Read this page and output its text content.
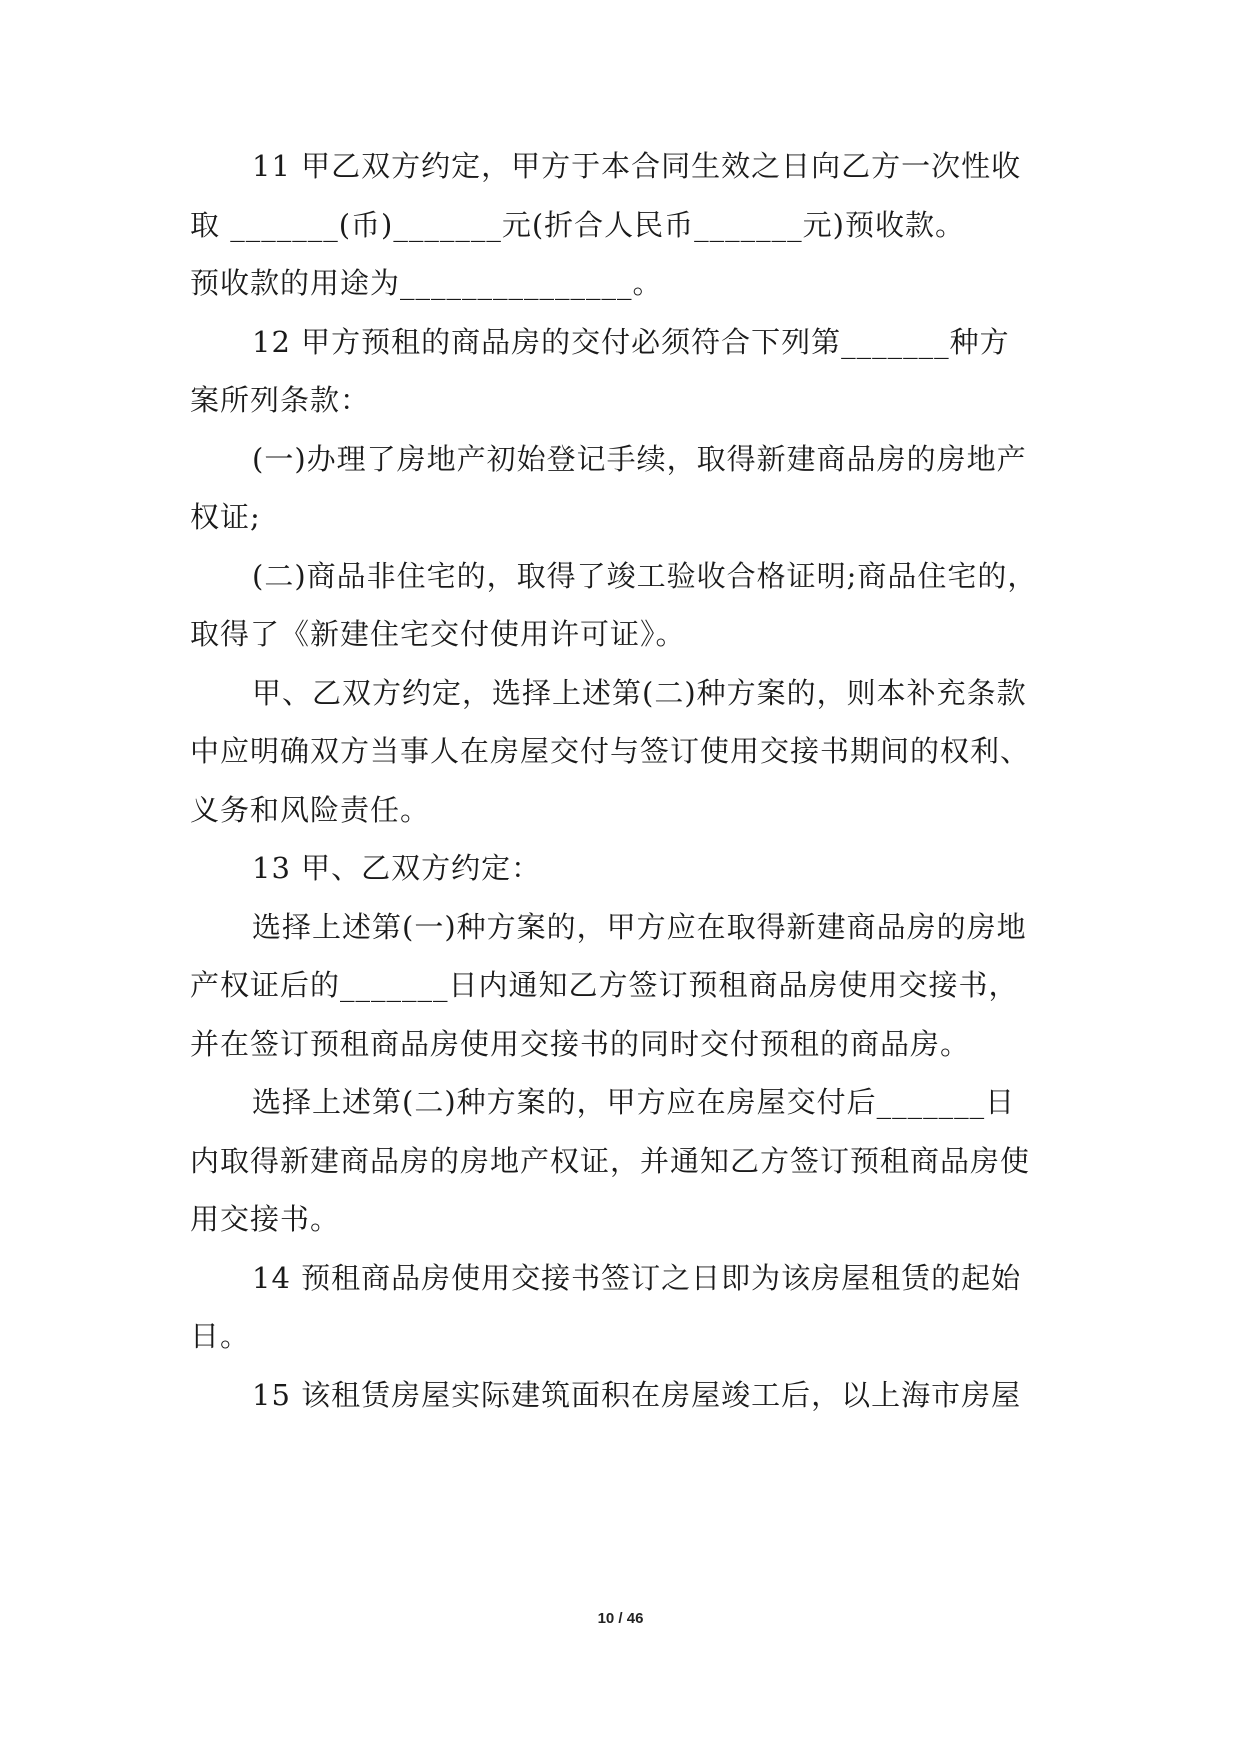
11 甲乙双方约定，甲方于本合同生效之日向乙方一次性收
取 _______(币)_______元(折合人民币_______元)预收款。
预收款的用途为_______________。
12 甲方预租的商品房的交付必须符合下列第_______种方
案所列条款：
(一)办理了房地产初始登记手续，取得新建商品房的房地产
权证;
(二)商品非住宅的，取得了竣工验收合格证明;商品住宅的，
取得了《新建住宅交付使用许可证》。
甲、乙双方约定，选择上述第(二)种方案的，则本补充条款
中应明确双方当事人在房屋交付与签订使用交接书期间的权利、
义务和风险责任。
13 甲、乙双方约定：
选择上述第(一)种方案的，甲方应在取得新建商品房的房地
产权证后的_______日内通知乙方签订预租商品房使用交接书，
并在签订预租商品房使用交接书的同时交付预租的商品房。
选择上述第(二)种方案的，甲方应在房屋交付后_______日
内取得新建商品房的房地产权证，并通知乙方签订预租商品房使
用交接书。
14 预租商品房使用交接书签订之日即为该房屋租赁的起始
日。
15 该租赁房屋实际建筑面积在房屋竣工后，以上海市房屋
10 / 46
